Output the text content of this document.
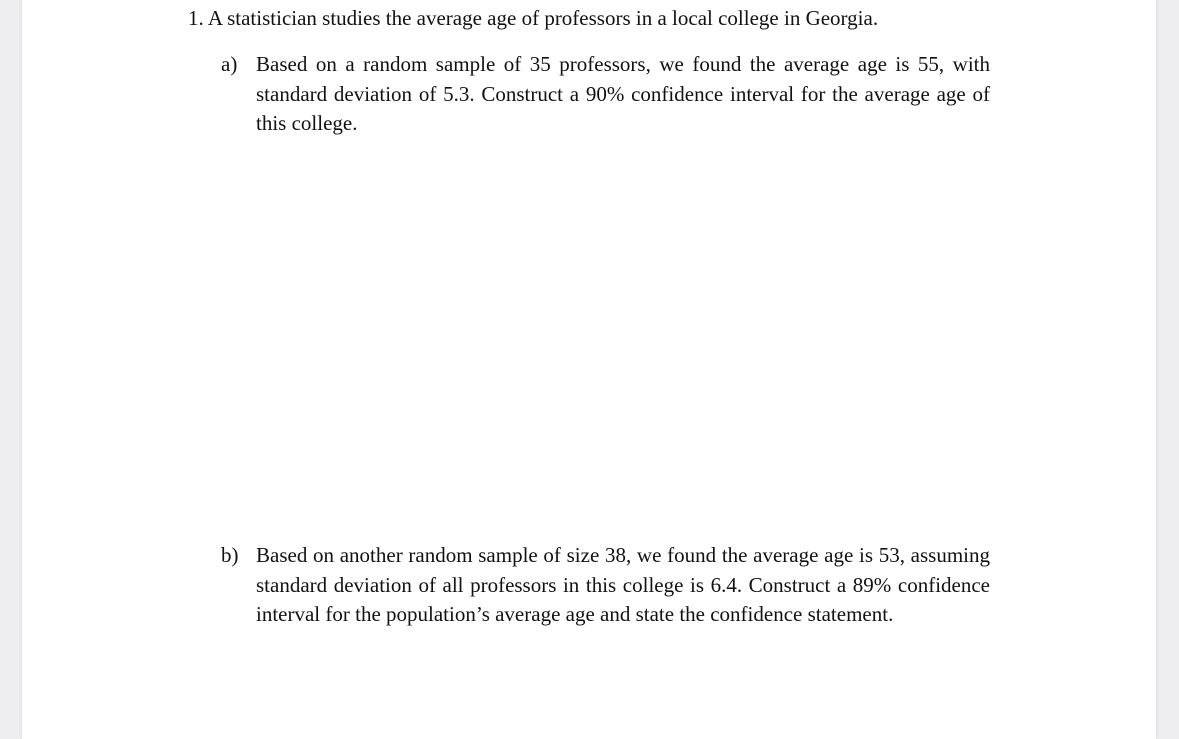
1. A statistician studies the average age of professors in a local college in Georgia.
a) Based on a random sample of 35 professors, we found the average age is 55, with standard deviation of 5.3. Construct a 90% confidence interval for the average age of this college.
b) Based on another random sample of size 38, we found the average age is 53, assuming standard deviation of all professors in this college is 6.4. Construct a 89% confidence interval for the population’s average age and state the confidence statement.
